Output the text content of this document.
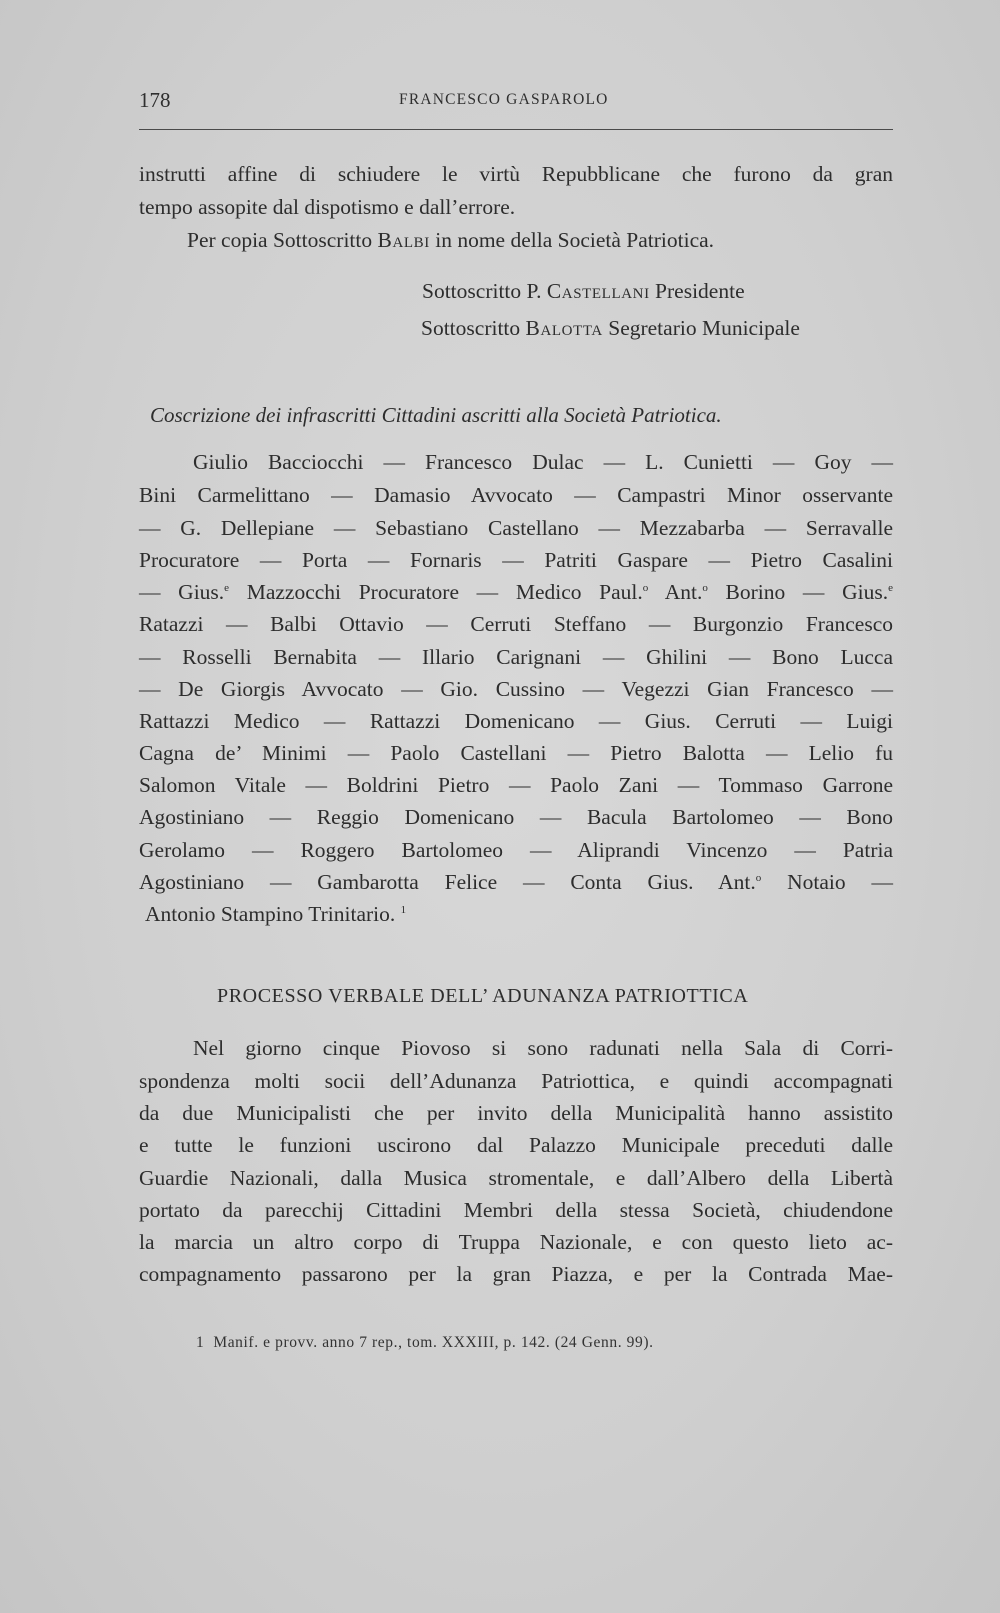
178	FRANCESCO GASPAROLO
instrutti affine di schiudere le virtù Repubblicane che furono da gran
tempo assopite dal dispotismo e dall’errore.
Per copia Sottoscritto Balbi in nome della Società Patriotica.
Sottoscritto P. Castellani Presidente
Sottoscritto Balotta Segretario Municipale
Coscrizione dei infrascritti Cittadini ascritti alla Società Patriotica.
Giulio Bacciocchi — Francesco Dulac — L. Cunietti — Goy —
Bini Carmelittano — Damasio Avvocato — Campastri Minor osservante
— G. Dellepiane — Sebastiano Castellano — Mezzabarba — Serravalle
Procuratore — Porta — Fornaris — Patriti Gaspare — Pietro Casalini
— Gius.$^e$ Mazzocchi Procuratore — Medico Paul.$^o$ Ant.$^o$ Borino — Gius.$^e$
Ratazzi — Balbi Ottavio — Cerruti Steffano — Burgonzio Francesco
— Rosselli Bernabita — Illario Carignani — Ghilini — Bono Lucca
— De Giorgis Avvocato — Gio. Cussino — Vegezzi Gian Francesco —
Rattazzi Medico — Rattazzi Domenicano — Gius. Cerruti — Luigi
Cagna de’ Minimi — Paolo Castellani — Pietro Balotta — Lelio fu
Salomon Vitale — Boldrini Pietro — Paolo Zani — Tommaso Garrone
Agostiniano — Reggio Domenicano — Bacula Bartolomeo — Bono
Gerolamo — Roggero Bartolomeo — Aliprandi Vincenzo — Patria
Agostiniano — Gambarotta Felice — Conta Gius. Ant.$^o$ Notaio —
Antonio Stampino Trinitario. $^1$
PROCESSO VERBALE DELL’ ADUNANZA PATRIOTTICA
Nel giorno cinque Piovoso si sono radunati nella Sala di Corri-
spondenza molti socii dell’Adunanza Patriottica, e quindi accompagnati
da due Municipalisti che per invito della Municipalità hanno assistito
e tutte le funzioni uscirono dal Palazzo Municipale preceduti dalle
Guardie Nazionali, dalla Musica stromentale, e dall’Albero della Libertà
portato da parecchij Cittadini Membri della stessa Società, chiudendone
la marcia un altro corpo di Truppa Nazionale, e con questo lieto ac-
compagnamento passarono per la gran Piazza, e per la Contrada Mae-
1 Manif. e provv. anno 7 rep., tom. XXXIII, p. 142. (24 Genn. 99).
